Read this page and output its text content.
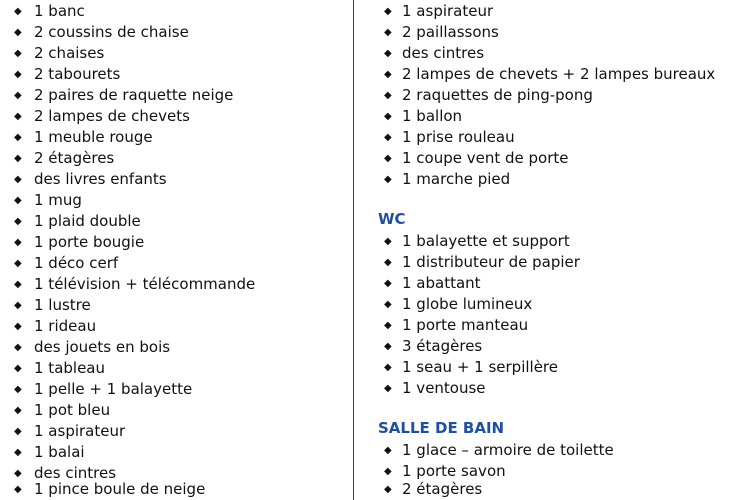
◆ 1 banc
◆ 2 coussins de chaise
◆ 2 chaises
◆ 2 tabourets
◆ 2 paires de raquette neige
◆ 2 lampes de chevets
◆ 1 meuble rouge
◆ 2 étagères
◆ des livres enfants
◆ 1 mug
◆ 1 plaid double
◆ 1 porte bougie
◆ 1 déco cerf
◆ 1 télévision + télécommande
◆ 1 lustre
◆ 1 rideau
◆ des jouets en bois
◆ 1 tableau
◆ 1 pelle + 1 balayette
◆ 1 pot bleu
◆ 1 aspirateur
◆ 1 balai
◆ des cintres
◆ 1 pince boule de neige
◆ 1 aspirateur
◆ 2 paillassons
◆ des cintres
◆ 2 lampes de chevets + 2 lampes bureaux
◆ 2 raquettes de ping-pong
◆ 1 ballon
◆ 1 prise rouleau
◆ 1 coupe vent de porte
◆ 1 marche pied
WC
◆ 1 balayette et support
◆ 1 distributeur de papier
◆ 1 abattant
◆ 1 globe lumineux
◆ 1 porte manteau
◆ 3 étagères
◆ 1 seau + 1 serpillère
◆ 1 ventouse
SALLE DE BAIN
◆ 1 glace – armoire de toilette
◆ 1 porte savon
◆ 2 étagères
